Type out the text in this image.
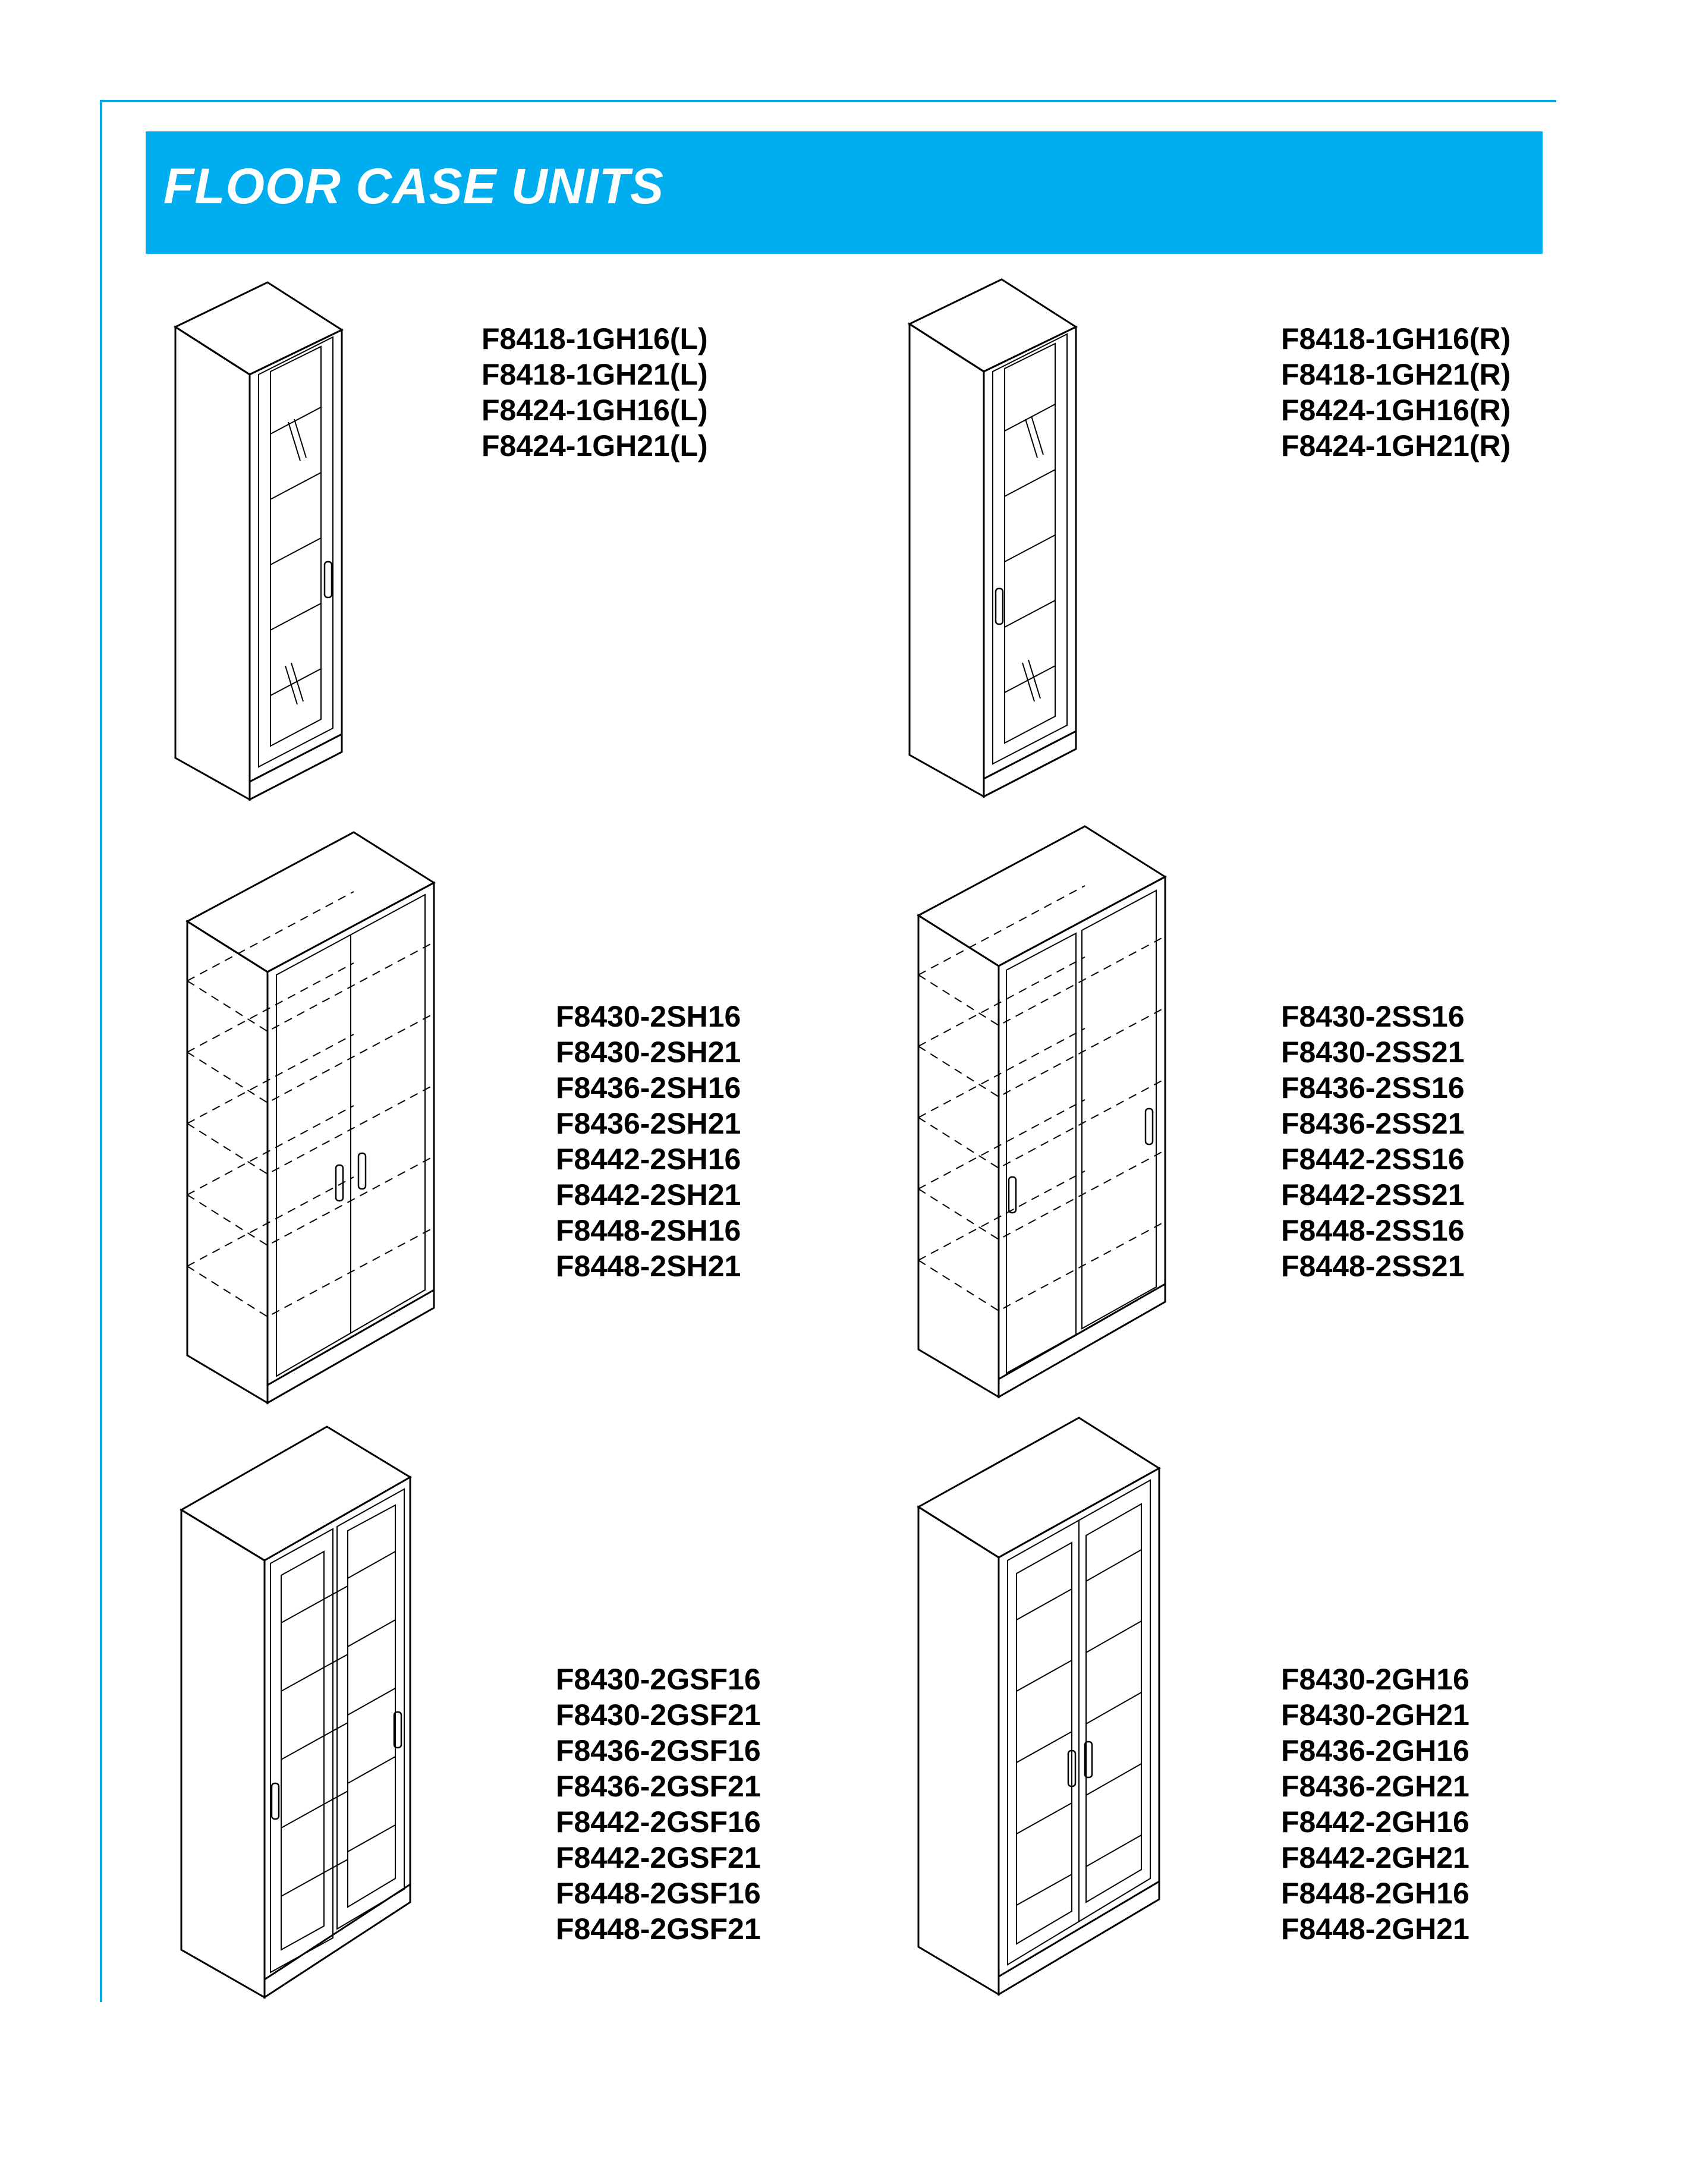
FLOOR CASE UNITS
F8418-1GH16(L)
F8418-1GH21(L)
F8424-1GH16(L)
F8424-1GH21(L)
F8418-1GH16(R)
F8418-1GH21(R)
F8424-1GH16(R)
F8424-1GH21(R)
F8430-2SH16
F8430-2SH21
F8436-2SH16
F8436-2SH21
F8442-2SH16
F8442-2SH21
F8448-2SH16
F8448-2SH21
F8430-2SS16
F8430-2SS21
F8436-2SS16
F8436-2SS21
F8442-2SS16
F8442-2SS21
F8448-2SS16
F8448-2SS21
F8430-2GSF16
F8430-2GSF21
F8436-2GSF16
F8436-2GSF21
F8442-2GSF16
F8442-2GSF21
F8448-2GSF16
F8448-2GSF21
F8430-2GH16
F8430-2GH21
F8436-2GH16
F8436-2GH21
F8442-2GH16
F8442-2GH21
F8448-2GH16
F8448-2GH21
